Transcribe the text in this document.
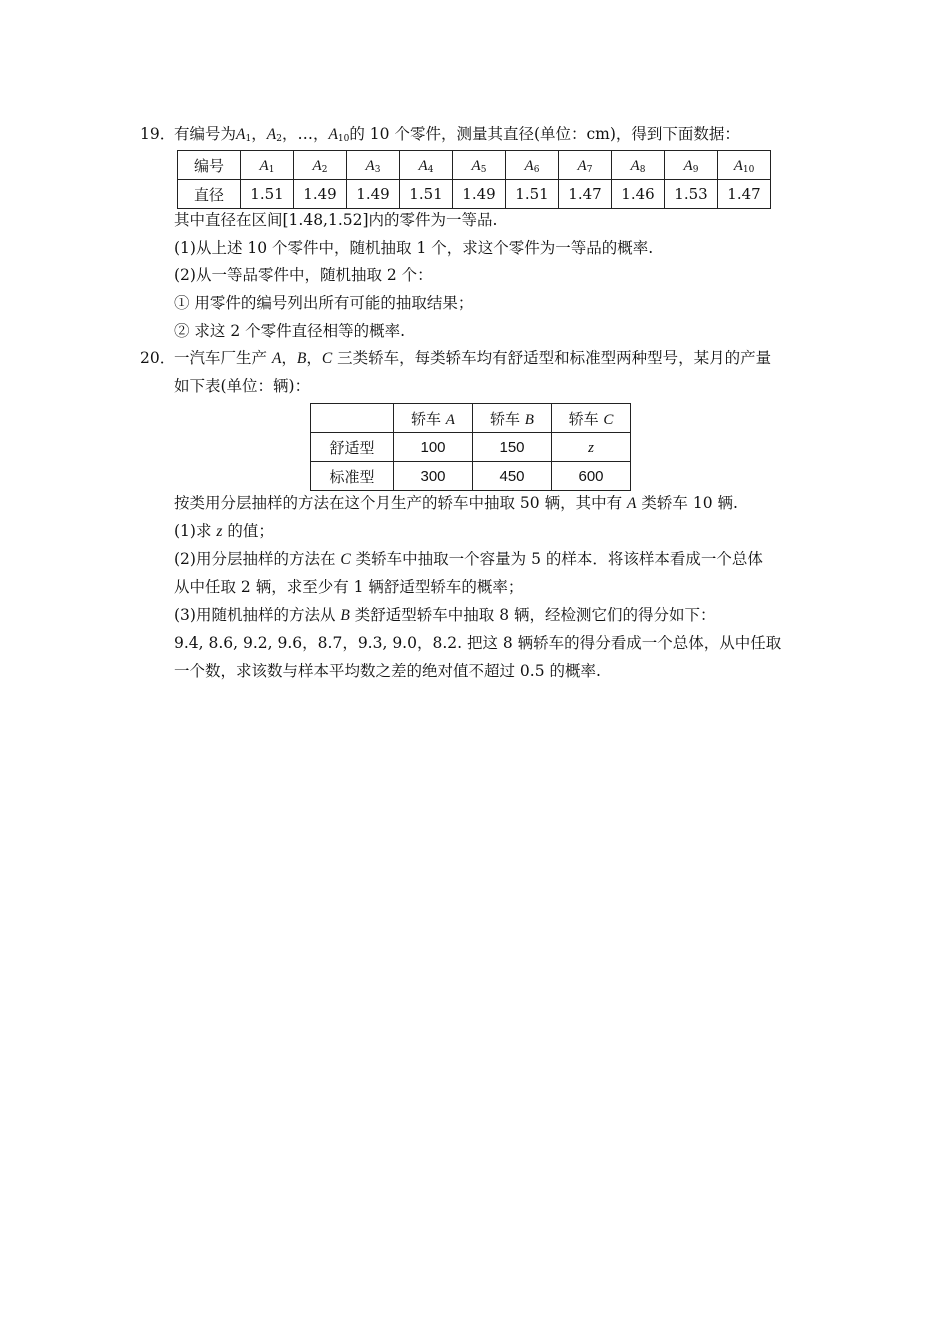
19．
有编号为$A_1$，$A_2$，…，$A_{10}$的 10 个零件，测量其直径(单位：cm)，得到下面数据：
编号	$A_1$	$A_2$	$A_3$	$A_4$	$A_5$	$A_6$	$A_7$	$A_8$	$A_9$	$A_{10}$
直径	1.51	1.49	1.49	1.51	1.49	1.51	1.47	1.46	1.53	1.47
其中直径在区间[1.48,1.52]内的零件为一等品.
(1)从上述 10 个零件中，随机抽取 1 个，求这个零件为一等品的概率.
(2)从一等品零件中，随机抽取 2 个：
① 用零件的编号列出所有可能的抽取结果；
② 求这 2 个零件直径相等的概率.
20．
一汽车厂生产 A，B，C 三类轿车，每类轿车均有舒适型和标准型两种型号，某月的产量
如下表(单位：辆)：
	轿车 A	轿车 B	轿车 C
舒适型	100	150	z
标准型	300	450	600
按类用分层抽样的方法在这个月生产的轿车中抽取 50 辆，其中有 A 类轿车 10 辆.
(1)求 z 的值；
(2)用分层抽样的方法在 C 类轿车中抽取一个容量为 5 的样本．将该样本看成一个总体
从中任取 2 辆，求至少有 1 辆舒适型轿车的概率；
(3)用随机抽样的方法从 B 类舒适型轿车中抽取 8 辆，经检测它们的得分如下：
9.4, 8.6, 9.2, 9.6，8.7，9.3, 9.0，8.2. 把这 8 辆轿车的得分看成一个总体，从中任取
一个数，求该数与样本平均数之差的绝对值不超过 0.5 的概率.
